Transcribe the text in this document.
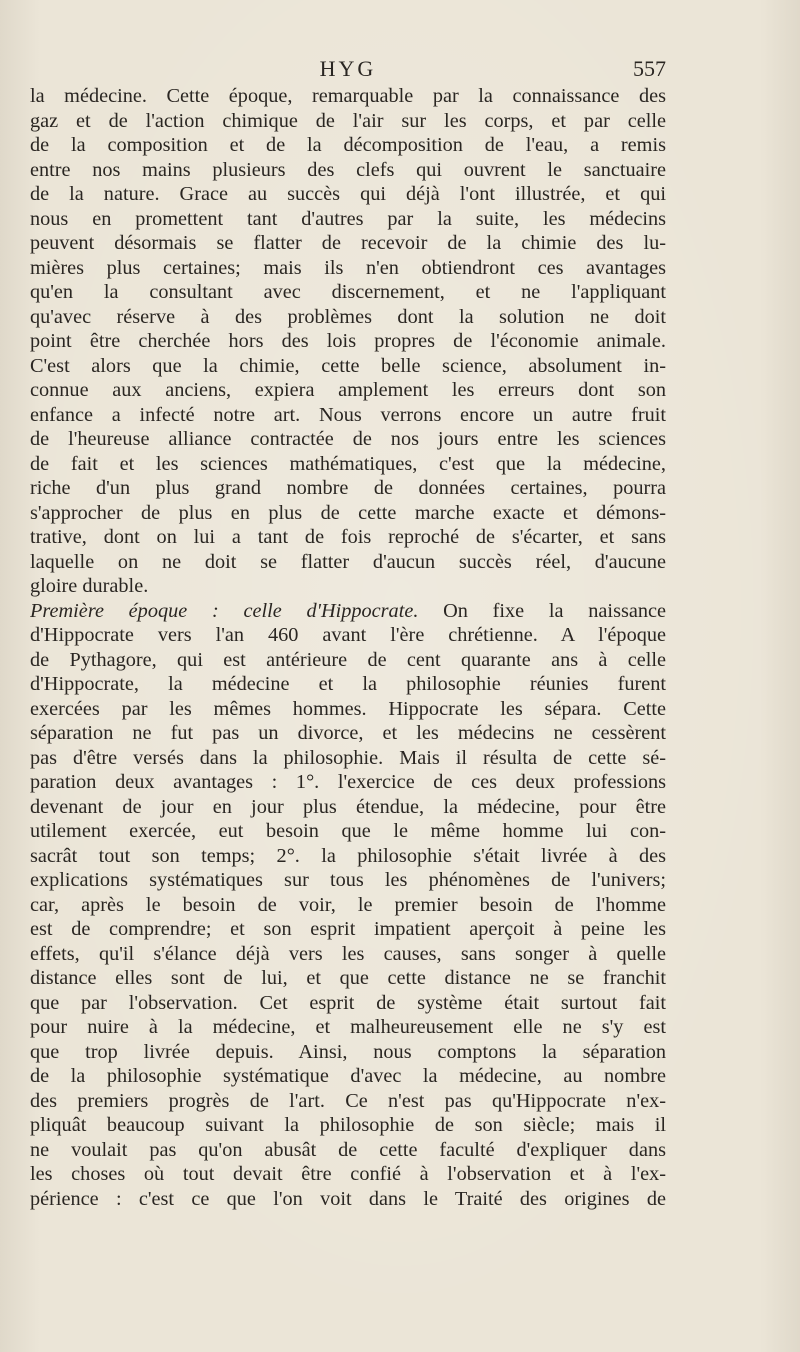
HYG	557
la médecine. Cette époque, remarquable par la connaissance des
gaz et de l'action chimique de l'air sur les corps, et par celle
de la composition et de la décomposition de l'eau, a remis
entre nos mains plusieurs des clefs qui ouvrent le sanctuaire
de la nature. Grace au succès qui déjà l'ont illustrée, et qui
nous en promettent tant d'autres par la suite, les médecins
peuvent désormais se flatter de recevoir de la chimie des lu-
mières plus certaines; mais ils n'en obtiendront ces avantages
qu'en la consultant avec discernement, et ne l'appliquant
qu'avec réserve à des problèmes dont la solution ne doit
point être cherchée hors des lois propres de l'économie animale.
C'est alors que la chimie, cette belle science, absolument in-
connue aux anciens, expiera amplement les erreurs dont son
enfance a infecté notre art. Nous verrons encore un autre fruit
de l'heureuse alliance contractée de nos jours entre les sciences
de fait et les sciences mathématiques, c'est que la médecine,
riche d'un plus grand nombre de données certaines, pourra
s'approcher de plus en plus de cette marche exacte et démons-
trative, dont on lui a tant de fois reproché de s'écarter, et sans
laquelle on ne doit se flatter d'aucun succès réel, d'aucune
gloire durable.
Première époque : celle d'Hippocrate. On fixe la naissance
d'Hippocrate vers l'an 460 avant l'ère chrétienne. A l'époque
de Pythagore, qui est antérieure de cent quarante ans à celle
d'Hippocrate, la médecine et la philosophie réunies furent
exercées par les mêmes hommes. Hippocrate les sépara. Cette
séparation ne fut pas un divorce, et les médecins ne cessèrent
pas d'être versés dans la philosophie. Mais il résulta de cette sé-
paration deux avantages : 1°. l'exercice de ces deux professions
devenant de jour en jour plus étendue, la médecine, pour être
utilement exercée, eut besoin que le même homme lui con-
sacrât tout son temps; 2°. la philosophie s'était livrée à des
explications systématiques sur tous les phénomènes de l'univers;
car, après le besoin de voir, le premier besoin de l'homme
est de comprendre; et son esprit impatient aperçoit à peine les
effets, qu'il s'élance déjà vers les causes, sans songer à quelle
distance elles sont de lui, et que cette distance ne se franchit
que par l'observation. Cet esprit de système était surtout fait
pour nuire à la médecine, et malheureusement elle ne s'y est
que trop livrée depuis. Ainsi, nous comptons la séparation
de la philosophie systématique d'avec la médecine, au nombre
des premiers progrès de l'art. Ce n'est pas qu'Hippocrate n'ex-
pliquât beaucoup suivant la philosophie de son siècle; mais il
ne voulait pas qu'on abusât de cette faculté d'expliquer dans
les choses où tout devait être confié à l'observation et à l'ex-
périence : c'est ce que l'on voit dans le Traité des origines de
